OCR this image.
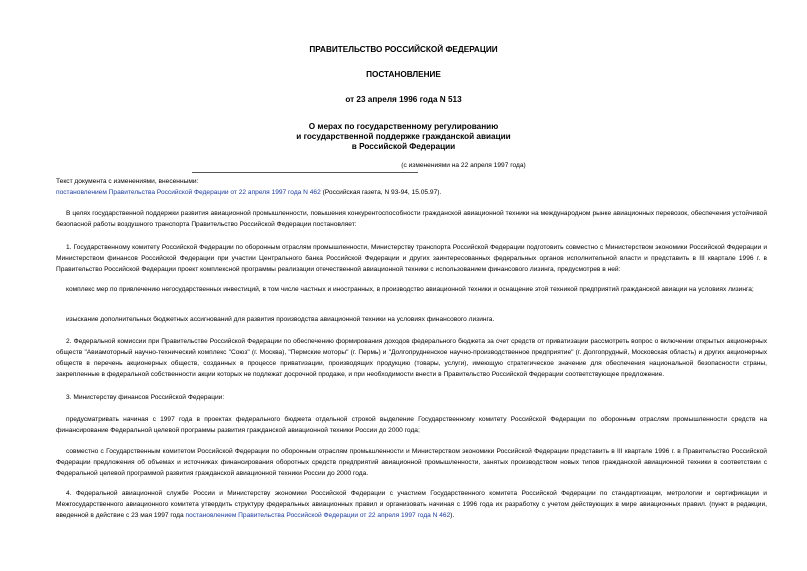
ПРАВИТЕЛЬСТВО РОССИЙСКОЙ ФЕДЕРАЦИИ
ПОСТАНОВЛЕНИЕ
от 23 апреля 1996 года N 513
О мерах по государственному регулированию
и государственной поддержке гражданской авиации
в Российской Федерации
(с изменениями на 22 апреля 1997 года)

Текст документа с изменениями, внесенными:

постановлением Правительства Российской Федерации от 22 апреля 1997 года N 462 (Российская газета, N 93-94, 15.05.97).

В целях государственной поддержки развития авиационной промышленности, повышения конкурентоспособности гражданской авиационной техники на международном рынке авиационных перевозок, обеспечения устойчивой безопасной работы воздушного транспорта Правительство Российской Федерации постановляет:
1. Государственному комитету Российской Федерации по оборонным отраслям промышленности, Министерству транспорта Российской Федерации подготовить совместно с Министерством экономики Российской Федерации и Министерством финансов Российской Федерации при участии Центрального банка Российской Федерации и других заинтересованных федеральных органов исполнительной власти и представить в III квартале 1996 г. в Правительство Российской Федерации проект комплексной программы реализации отечественной авиационной техники с использованием финансового лизинга, предусмотрев в ней:
комплекс мер по привлечению негосударственных инвестиций, в том числе частных и иностранных, в производство авиационной техники и оснащение этой техникой предприятий гражданской авиации на условиях лизинга;
изыскание дополнительных бюджетных ассигнований для развития производства авиационной техники на условиях финансового лизинга.
2. Федеральной комиссии при Правительстве Российской Федерации по обеспечению формирования доходов федерального бюджета за счет средств от приватизации рассмотреть вопрос о включении открытых акционерных обществ "Авиамоторный научно-технический комплекс "Союз" (г. Москва), "Пермские моторы" (г. Пермь) и "Долгопрудненское научно-производственное предприятие" (г. Долгопрудный, Московская область) и других акционерных обществ в перечень акционерных обществ, созданных в процессе приватизации, производящих продукцию (товары, услуги), имеющую стратегическое значение для обеспечения национальной безопасности страны, закрепленные в федеральной собственности акции которых не подлежат досрочной продаже, и при необходимости внести в Правительство Российской Федерации соответствующее предложение.
3. Министерству финансов Российской Федерации:
предусматривать начиная с 1997 года в проектах федерального бюджета отдельной строкой выделение Государственному комитету Российской Федерации по оборонным отраслям промышленности средств на финансирование Федеральной целевой программы развития гражданской авиационной техники России до 2000 года;
совместно с Государственным комитетом Российской Федерации по оборонным отраслям промышленности и Министерством экономики Российской Федерации представить в III квартале 1996 г. в Правительство Российской Федерации предложения об объемах и источниках финансирования оборотных средств предприятий авиационной промышленности, занятых производством новых типов гражданской авиационной техники в соответствии с Федеральной целевой программой развития гражданской авиационной техники России до 2000 года.
4. Федеральной авиационной службе России и Министерству экономики Российской Федерации с участием Государственного комитета Российской Федерации по стандартизации, метрологии и сертификации и Межгосударственного авиационного комитета утвердить структуру федеральных авиационных правил и организовать начиная с 1996 года их разработку с учетом действующих в мире авиационных правил. (пункт в редакции, введенной в действие с 23 мая 1997 года постановлением Правительства Российской Федерации от 22 апреля 1997 года N 462).
